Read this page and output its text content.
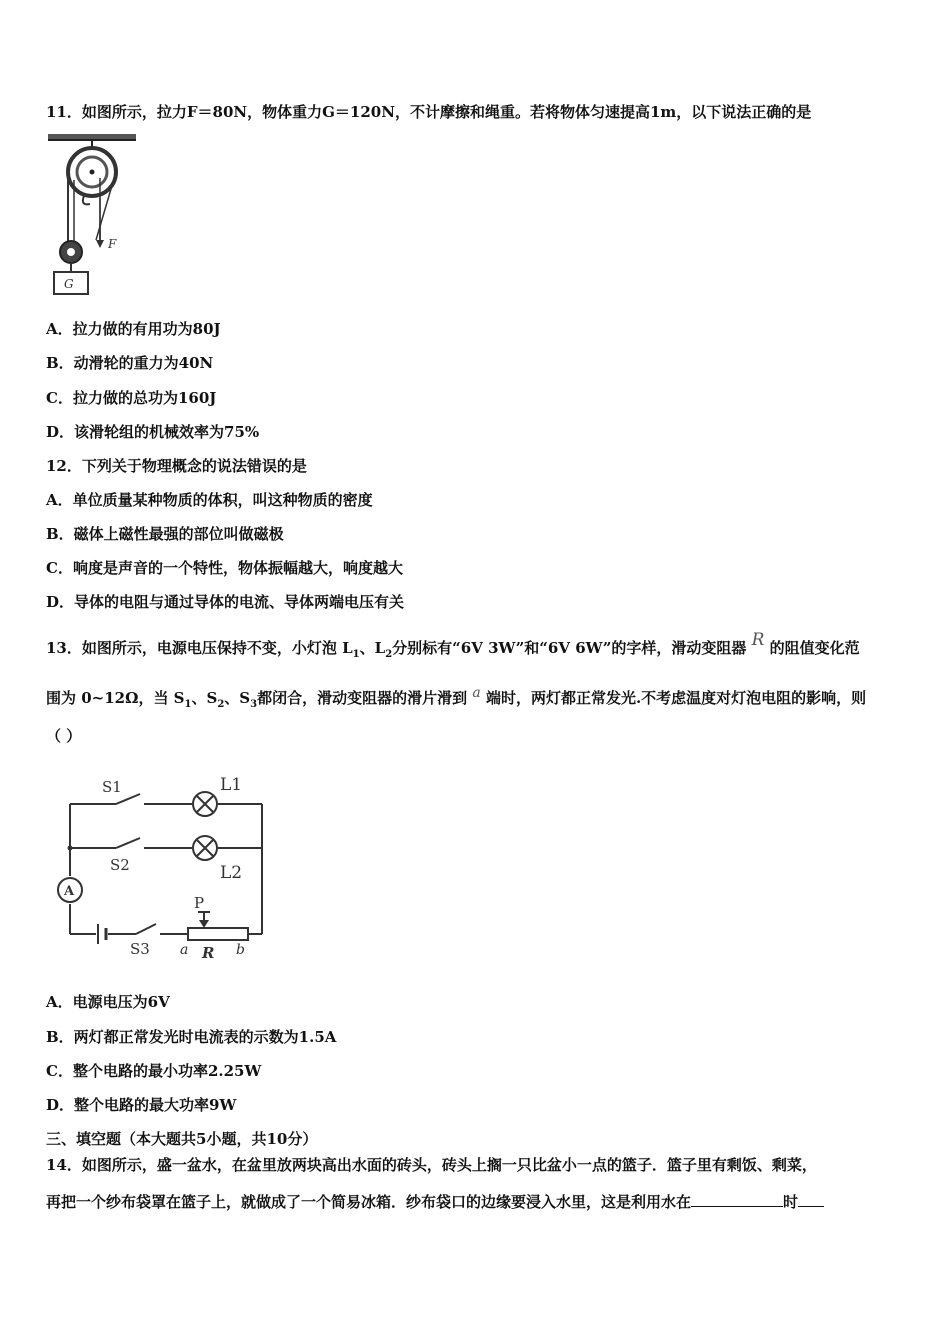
11．如图所示，拉力F＝80N，物体重力G＝120N，不计摩擦和绳重。若将物体匀速提高1m，以下说法正确的是
F
G
A．拉力做的有用功为80J
B．动滑轮的重力为40N
C．拉力做的总功为160J
D．该滑轮组的机械效率为75%
12．下列关于物理概念的说法错误的是
A．单位质量某种物质的体积，叫这种物质的密度
B．磁体上磁性最强的部位叫做磁极
C．响度是声音的一个特性，物体振幅越大，响度越大
D．导体的电阻与通过导体的电流、导体两端电压有关
13．如图所示，电源电压保持不变，小灯泡 $L_1$、$L_2$分别标有“6V 3W”和“6V 6W”的字样，滑动变阻器 R 的阻值变化范
围为 0~12Ω，当 $S_1$、$S_2$、$S_3$都闭合，滑动变阻器的滑片滑到 a 端时，两灯都正常发光.不考虑温度对灯泡电阻的影响，则
（ ）
S1	L1
S2	L2
A
P
S3 a R b
A．电源电压为6V
B．两灯都正常发光时电流表的示数为1.5A
C．整个电路的最小功率2.25W
D．整个电路的最大功率9W
三、填空题（本大题共5小题，共10分）
14．如图所示，盛一盆水，在盆里放两块高出水面的砖头，砖头上搁一只比盆小一点的篮子．篮子里有剩饭、剩菜，
再把一个纱布袋罩在篮子上，就做成了一个简易冰箱．纱布袋口的边缘要浸入水里，这是利用水在	时
